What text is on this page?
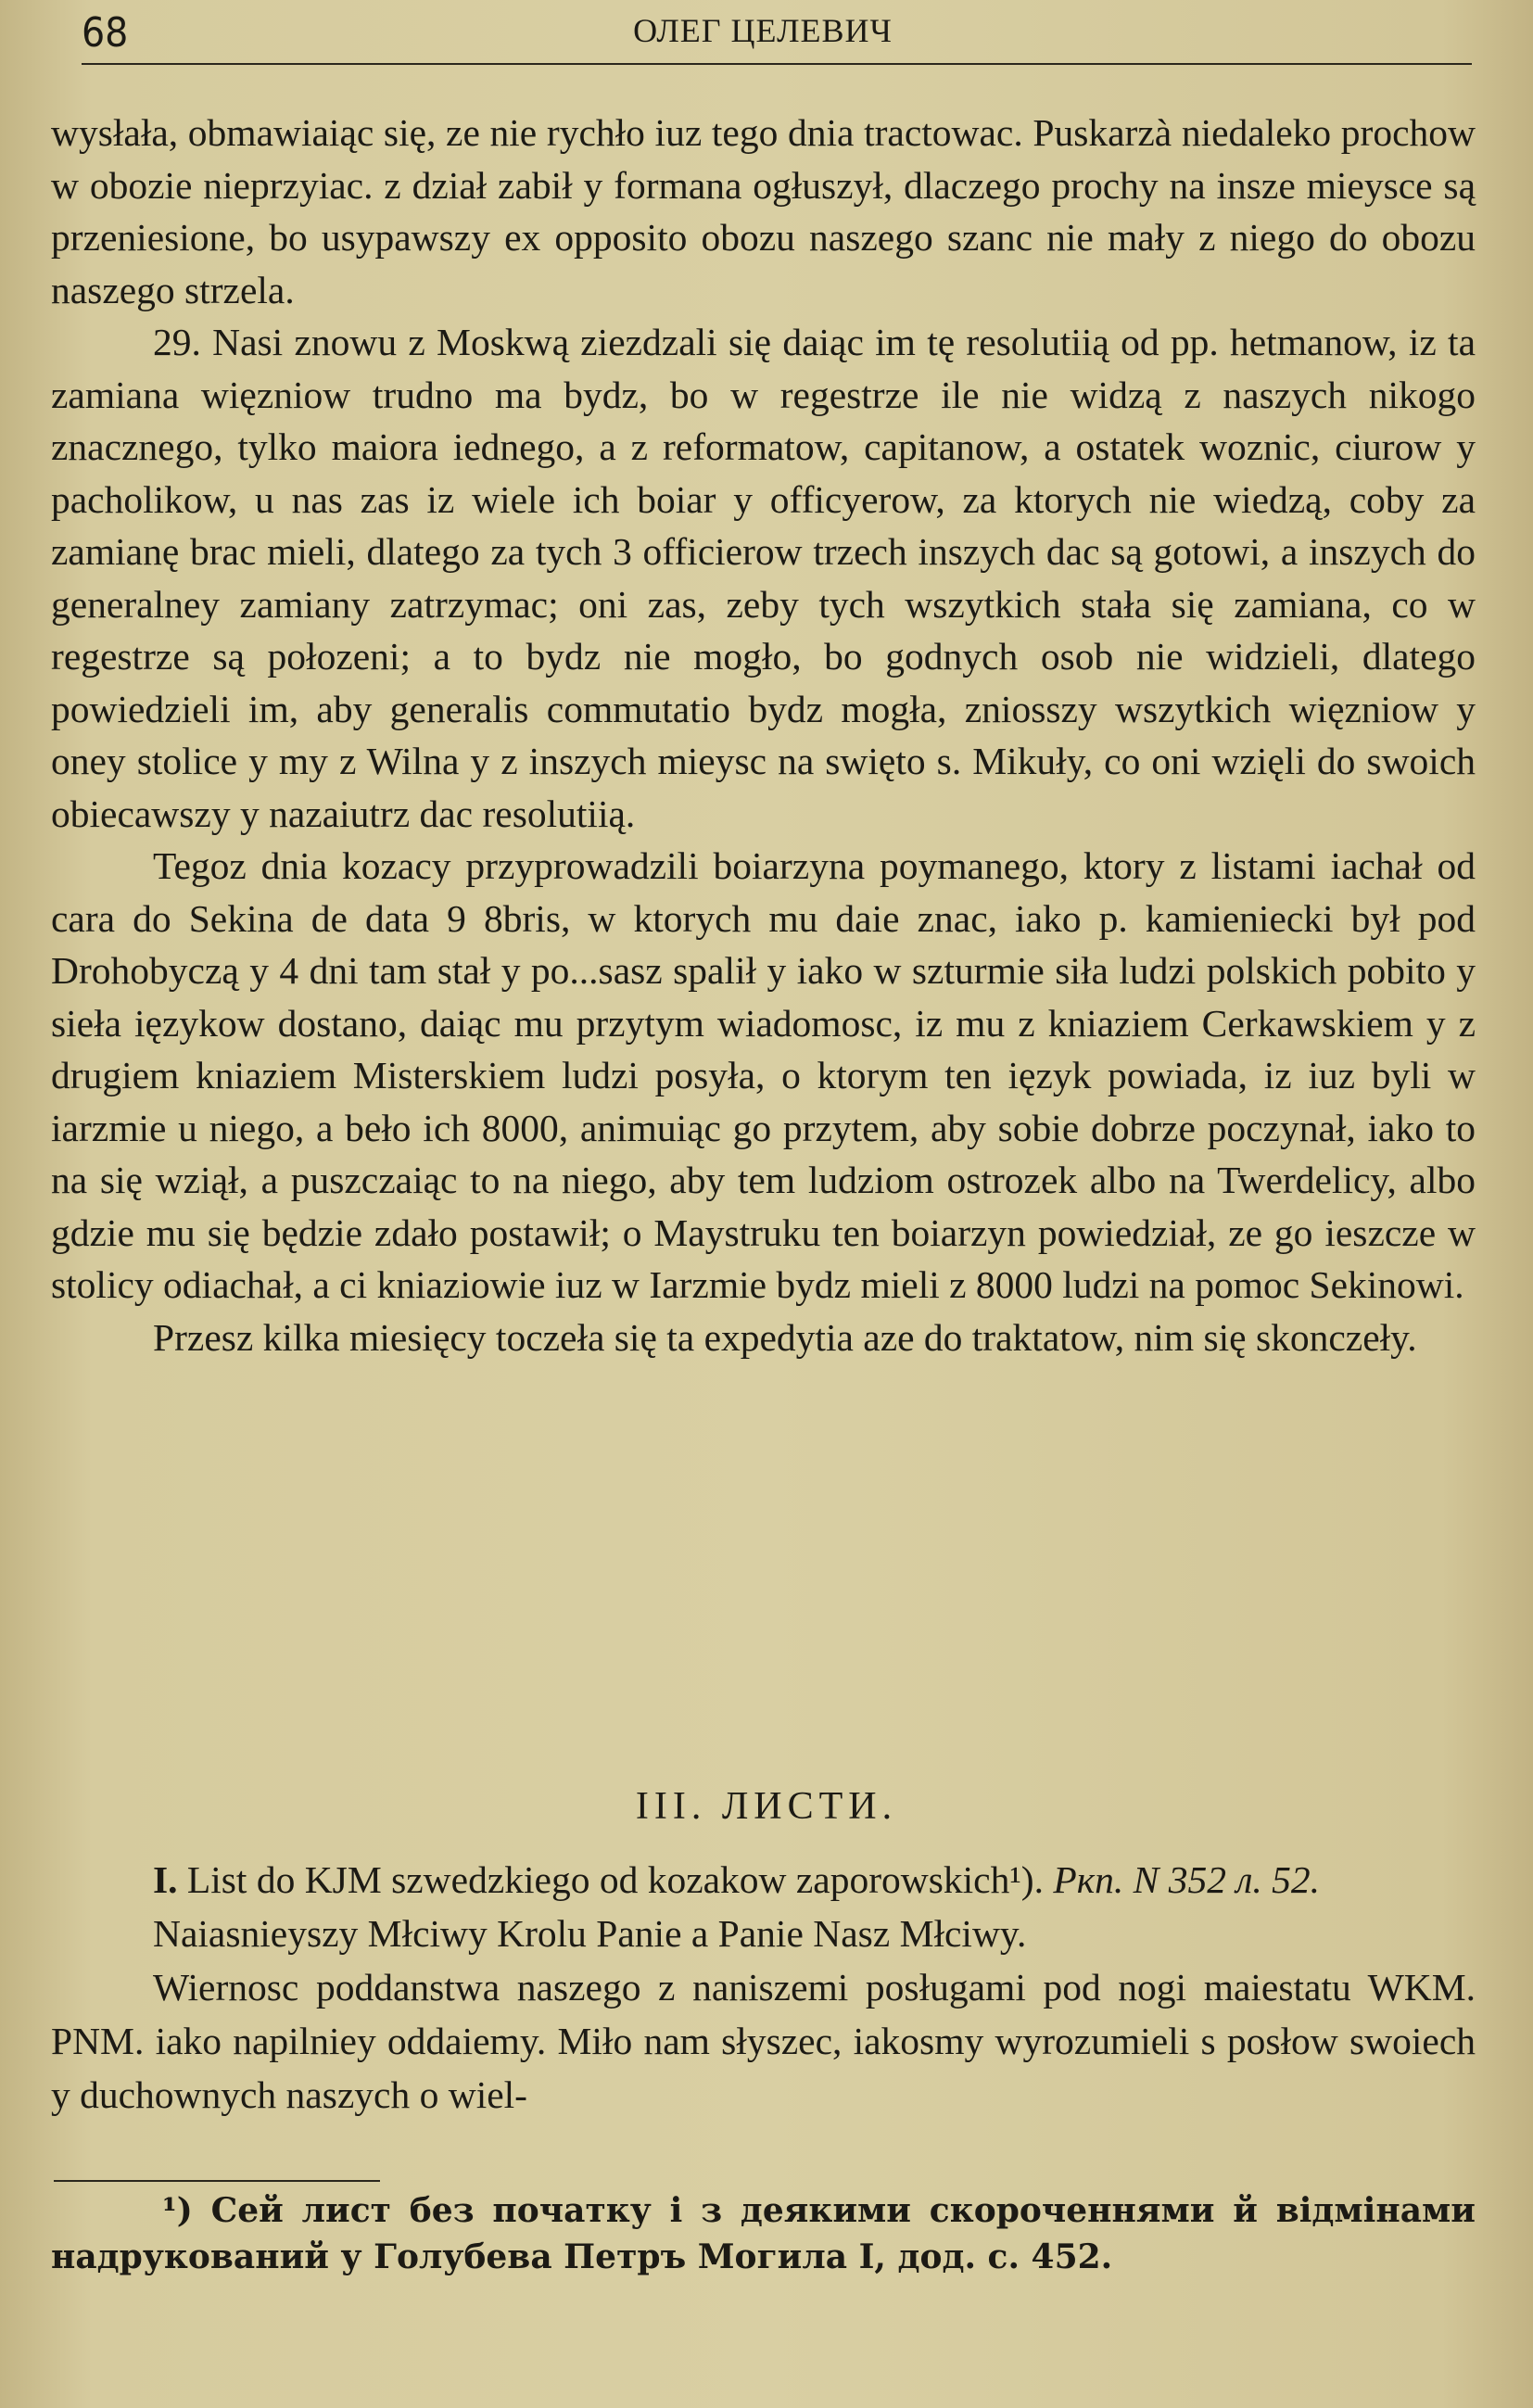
68	ОЛЕГ ЦЕЛЕВИЧ

wysłała, obmawiaiąc się, ze nie rychło iuz tego dnia tractowac. Puskarzà niedaleko prochow w obozie nieprzyiac. z dział zabił y formana ogłuszył, dlaczego prochy na insze mieysce są przeniesione, bo usypawszy ex opposito obozu naszego szanc nie mały z niego do obozu naszego strzela.

29. Nasi znowu z Moskwą ziezdzali się daiąc im tę resolutiią od pp. hetmanow, iz ta zamiana więzniow trudno ma bydz, bo w regestrze ile nie widzą z naszych nikogo znacznego, tylko maiora iednego, a z reformatow, capitanow, a ostatek woznic, ciurow y pacholikow, u nas zas iz wiele ich boiar y officyerow, za ktorych nie wiedzą, coby za zamianę brac mieli, dlatego za tych 3 officierow trzech inszych dac są gotowi, a inszych do generalney zamiany zatrzymac; oni zas, zeby tych wszytkich stała się zamiana, co w regestrze są połozeni; a to bydz nie mogło, bo godnych osob nie widzieli, dlatego powiedzieli im, aby generalis commutatio bydz mogła, zniosszy wszytkich więzniow y oney stolice y my z Wilna y z inszych mieysc na swięto s. Mikuły, co oni wzięli do swoich obiecawszy y nazaiutrz dac resolutiią.

Tegoz dnia kozacy przyprowadzili boiarzyna poymanego, ktory z listami iachał od cara do Sekina de data 9 8bris, w ktorych mu daie znac, iako p. kamieniecki był pod Drohobyczą y 4 dni tam stał y po...sasz spalił y iako w szturmie siła ludzi polskich pobito y sieła ięzykow dostano, daiąc mu przytym wiadomosc, iz mu z kniaziem Cerkawskiem y z drugiem kniaziem Misterskiem ludzi posyła, o ktorym ten ięzyk powiada, iz iuz byli w iarzmie u niego, a beło ich 8000, animuiąc go przytem, aby sobie dobrze poczynał, iako to na się wziął, a puszczaiąc to na niego, aby tem ludziom ostrozek albo na Twerdelicy, albo gdzie mu się będzie zdało postawił; o Maystruku ten boiarzyn powiedział, ze go ieszcze w stolicy odiachał, a ci kniaziowie iuz w Iarzmie bydz mieli z 8000 ludzi na pomoc Sekinowi.

Przesz kilka miesięcy toczeła się ta expedytia aze do traktatow, nim się skonczeły.

III. ЛИСТИ.

I. List do KJM szwedzkiego od kozakow zaporowskich¹). Ркп. N 352 л. 52.

Naiasnieyszy Młciwy Krolu Panie a Panie Nasz Młciwy.

Wiernosc poddanstwa naszego z naniszemi posługami pod nogi maiestatu WKM. PNM. iako napilniey oddaiemy. Miło nam słyszec, iakosmy wyrozumieli s posłow swoiech y duchownych naszych o wiel-

¹) Сей лист без початку і з деякими скороченнями й відмінами надрукований у Голубева Петръ Могила I, дод. с. 452.
